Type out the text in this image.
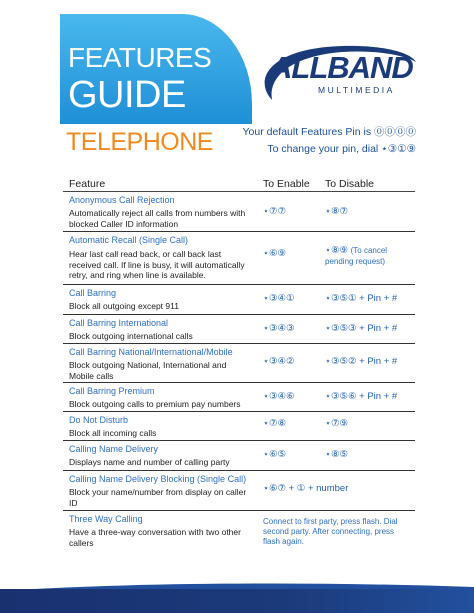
FEATURES
GUIDE
TELEPHONE
ALLBAND
MULTIMEDIA
Your default Features Pin is ⓪⓪⓪⓪
To change your pin, dial ⋆③①⑨
Feature	To Enable To Disable
Anonymous Call Rejection
Automatically reject all calls from numbers with blocked Caller ID information
⋆⑦⑦	⋆⑧⑦
Automatic Recall (Single Call)
Hear last call read back, or call back last received call. If line is busy, it will automatically retry, and ring when line is available.
⋆⑥⑨	⋆⑧⑨ (To cancel pending request)
Call Barring
Block all outgoing except 911
⋆③④①	⋆③⑤① + Pin + #
Call Barring International
Block outgoing international calls
⋆③④③	⋆③⑤③ + Pin + #
Call Barring National/International/Mobile
Block outgoing National, International and Mobile calls
⋆③④②	⋆③⑤② + Pin + #
Call Barring Premium
Block outgoing calls to premium pay numbers
⋆③④⑥	⋆③⑤⑥ + Pin + #
Do Not Disturb
Block all incoming calls
⋆⑦⑧	⋆⑦⑨
Calling Name Delivery
Displays name and number of calling party
⋆⑥⑤	⋆⑧⑤
Calling Name Delivery Blocking (Single Call)
Block your name/number from display on caller ID
⋆⑥⑦ + ① + number
Three Way Calling
Have a three-way conversation with two other callers
Connect to first party, press flash. Dial second party. After connecting, press flash again.
